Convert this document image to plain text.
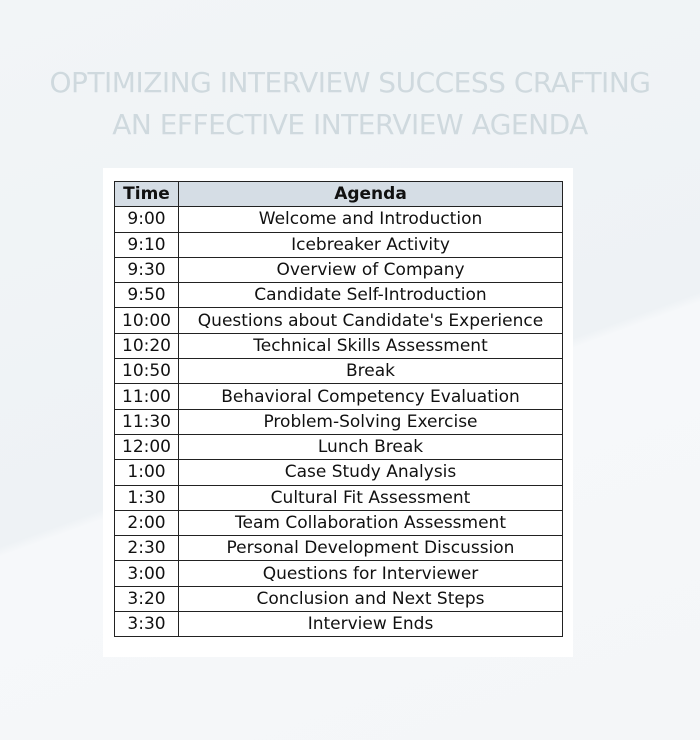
OPTIMIZING INTERVIEW SUCCESS CRAFTING
AN EFFECTIVE INTERVIEW AGENDA
Time	Agenda
9:00	Welcome and Introduction
9:10	Icebreaker Activity
9:30	Overview of Company
9:50	Candidate Self-Introduction
10:00	Questions about Candidate's Experience
10:20	Technical Skills Assessment
10:50	Break
11:00	Behavioral Competency Evaluation
11:30	Problem-Solving Exercise
12:00	Lunch Break
1:00	Case Study Analysis
1:30	Cultural Fit Assessment
2:00	Team Collaboration Assessment
2:30	Personal Development Discussion
3:00	Questions for Interviewer
3:20	Conclusion and Next Steps
3:30	Interview Ends
